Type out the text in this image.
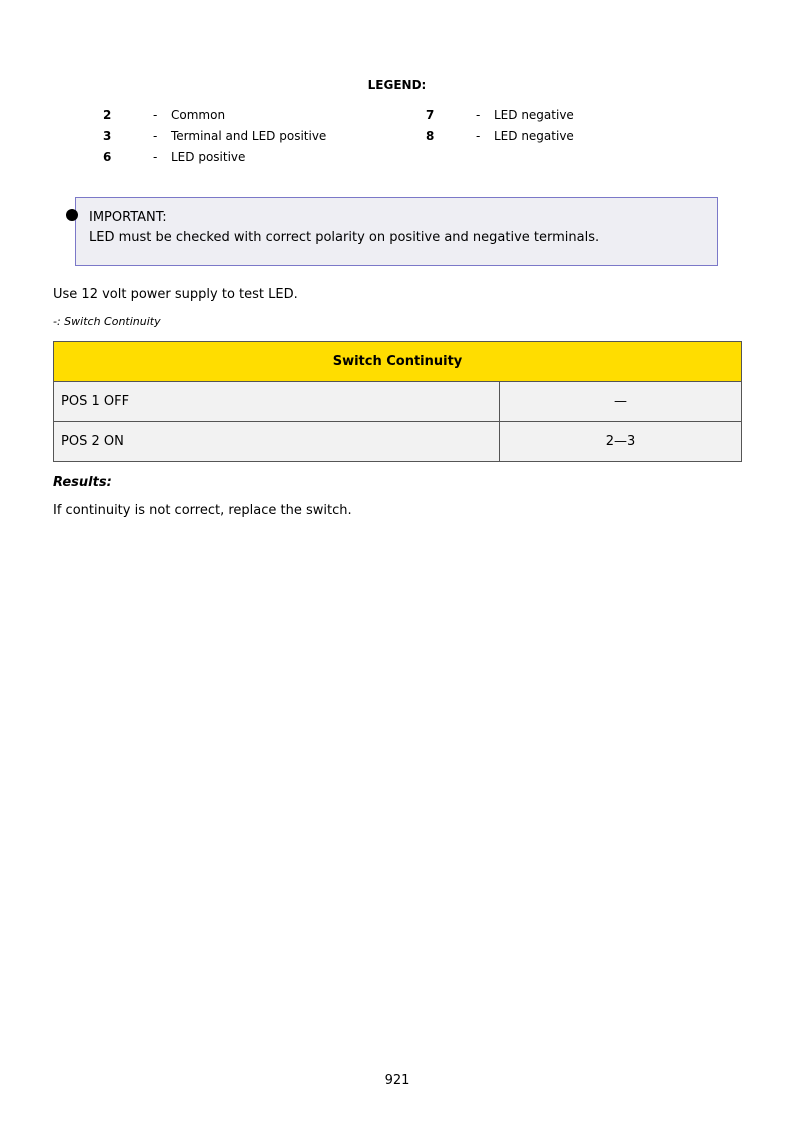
LEGEND:
2	- Common
3	- Terminal and LED positive
6	- LED positive
7	- LED negative
8	- LED negative
IMPORTANT:
LED must be checked with correct polarity on positive and negative terminals.
Use 12 volt power supply to test LED.
-: Switch Continuity
Switch Continuity	
POS 1 OFF	—
POS 2 ON	2—3
Results:
If continuity is not correct, replace the switch.
921
